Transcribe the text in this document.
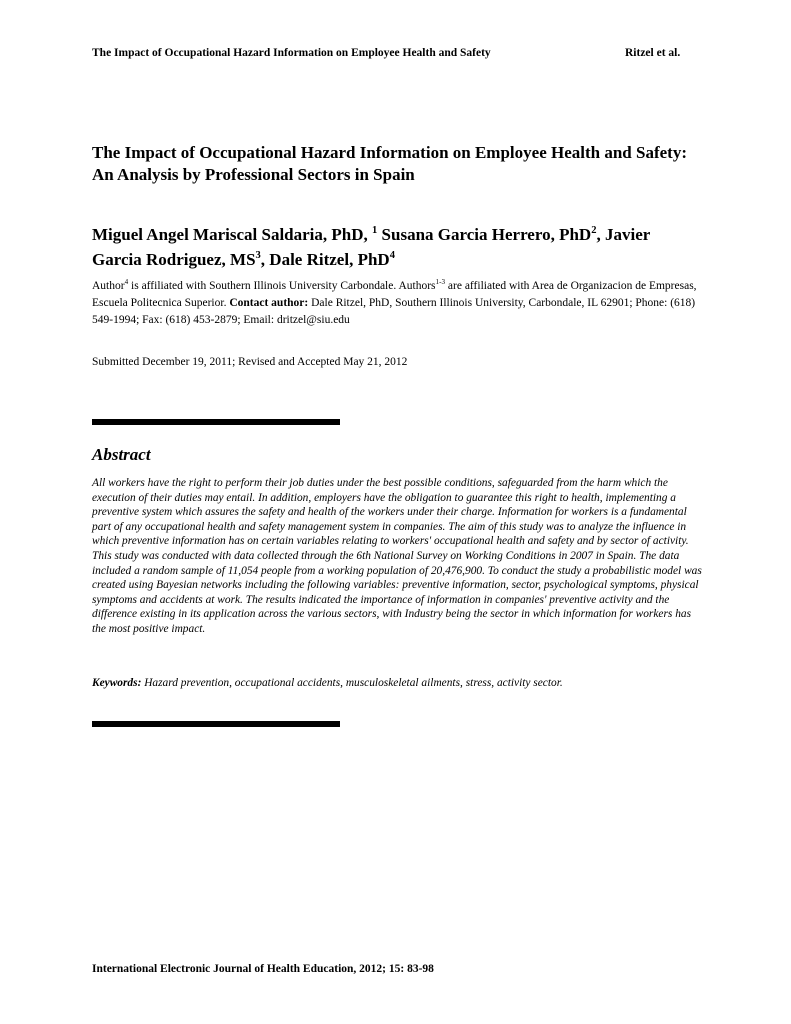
The Impact of Occupational Hazard Information on Employee Health and Safety	Ritzel et al.
The Impact of Occupational Hazard Information on Employee Health and Safety: An Analysis by Professional Sectors in Spain

Miguel Angel Mariscal Saldaria, PhD, $^1$ Susana Garcia Herrero, PhD$^2$, Javier Garcia Rodriguez, $MS^3$, Dale Ritzel, PhD$^4$

Author$^4$ is affiliated with Southern Illinois University Carbondale. Authors$^{1-3}$ are affiliated with Area de Organizacion de Empresas, Escuela Politecnica Superior. Contact author: Dale Ritzel, PhD, Southern Illinois University, Carbondale, IL 62901; Phone: (618) 549-1994; Fax: (618) 453-2879; Email: dritzel@siu.edu

Submitted December 19, 2011; Revised and Accepted May 21, 2012

Abstract

All workers have the right to perform their job duties under the best possible conditions, safeguarded from the harm which the execution of their duties may entail. In addition, employers have the obligation to guarantee this right to health, implementing a preventive system which assures the safety and health of the workers under their charge. Information for workers is a fundamental part of any occupational health and safety management system in companies. The aim of this study was to analyze the influence in which preventive information has on certain variables relating to workers' occupational health and safety and by sector of activity. This study was conducted with data collected through the 6th National Survey on Working Conditions in 2007 in Spain. The data included a random sample of 11,054 people from a working population of 20,476,900. To conduct the study a probabilistic model was created using Bayesian networks including the following variables: preventive information, sector, psychological symptoms, physical symptoms and accidents at work. The results indicated the importance of information in companies' preventive activity and the difference existing in its application across the various sectors, with Industry being the sector in which information for workers has the most positive impact.

Keywords: Hazard prevention, occupational accidents, musculoskeletal ailments, stress, activity sector.

International Electronic Journal of Health Education, 2012; 15: 83-98
